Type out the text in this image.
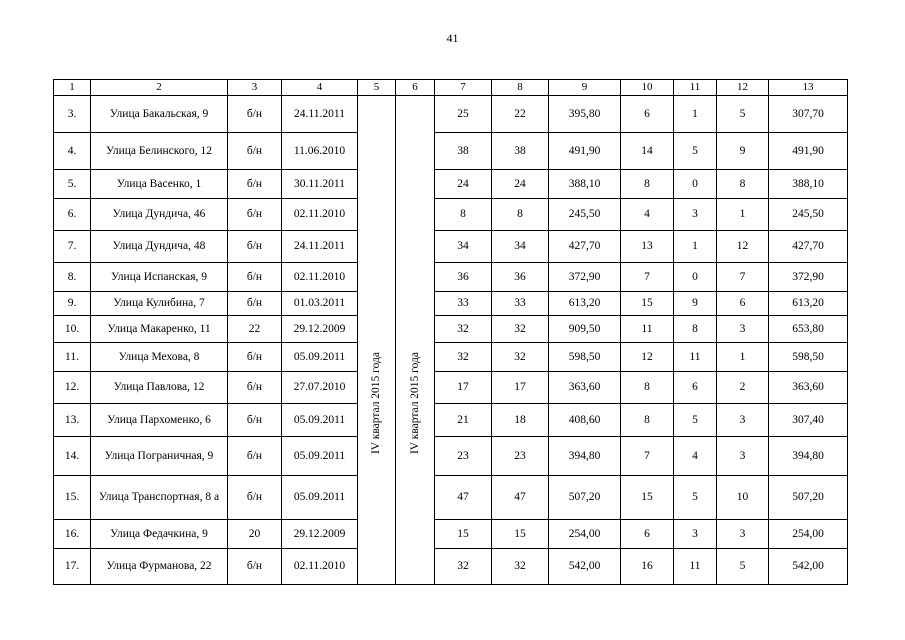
41
1	2	3	4	5	6	7	8	9	10	11	12	13
3.	Улица Бакальская, 9	б/н	24.11.2011	IV квартал 2015 года	IV квартал 2015 года	25	22	395,80	6	1	5	307,70
4.	Улица Белинского, 12	б/н	11.06.2010			38	38	491,90	14	5	9	491,90
5.	Улица Васенко, 1	б/н	30.11.2011			24	24	388,10	8	0	8	388,10
6.	Улица Дундича, 46	б/н	02.11.2010			8	8	245,50	4	3	1	245,50
7.	Улица Дундича, 48	б/н	24.11.2011			34	34	427,70	13	1	12	427,70
8.	Улица Испанская, 9	б/н	02.11.2010			36	36	372,90	7	0	7	372,90
9.	Улица Кулибина, 7	б/н	01.03.2011			33	33	613,20	15	9	6	613,20
10.	Улица Макаренко, 11	22	29.12.2009			32	32	909,50	11	8	3	653,80
11.	Улица Мехова, 8	б/н	05.09.2011			32	32	598,50	12	11	1	598,50
12.	Улица Павлова, 12	б/н	27.07.2010			17	17	363,60	8	6	2	363,60
13.	Улица Пархоменко, 6	б/н	05.09.2011			21	18	408,60	8	5	3	307,40
14.	Улица Пограничная, 9	б/н	05.09.2011			23	23	394,80	7	4	3	394,80
15.	Улица Транспортная, 8 а	б/н	05.09.2011			47	47	507,20	15	5	10	507,20
16.	Улица Федачкина, 9	20	29.12.2009			15	15	254,00	6	3	3	254,00
17.	Улица Фурманова, 22	б/н	02.11.2010			32	32	542,00	16	11	5	542,00
